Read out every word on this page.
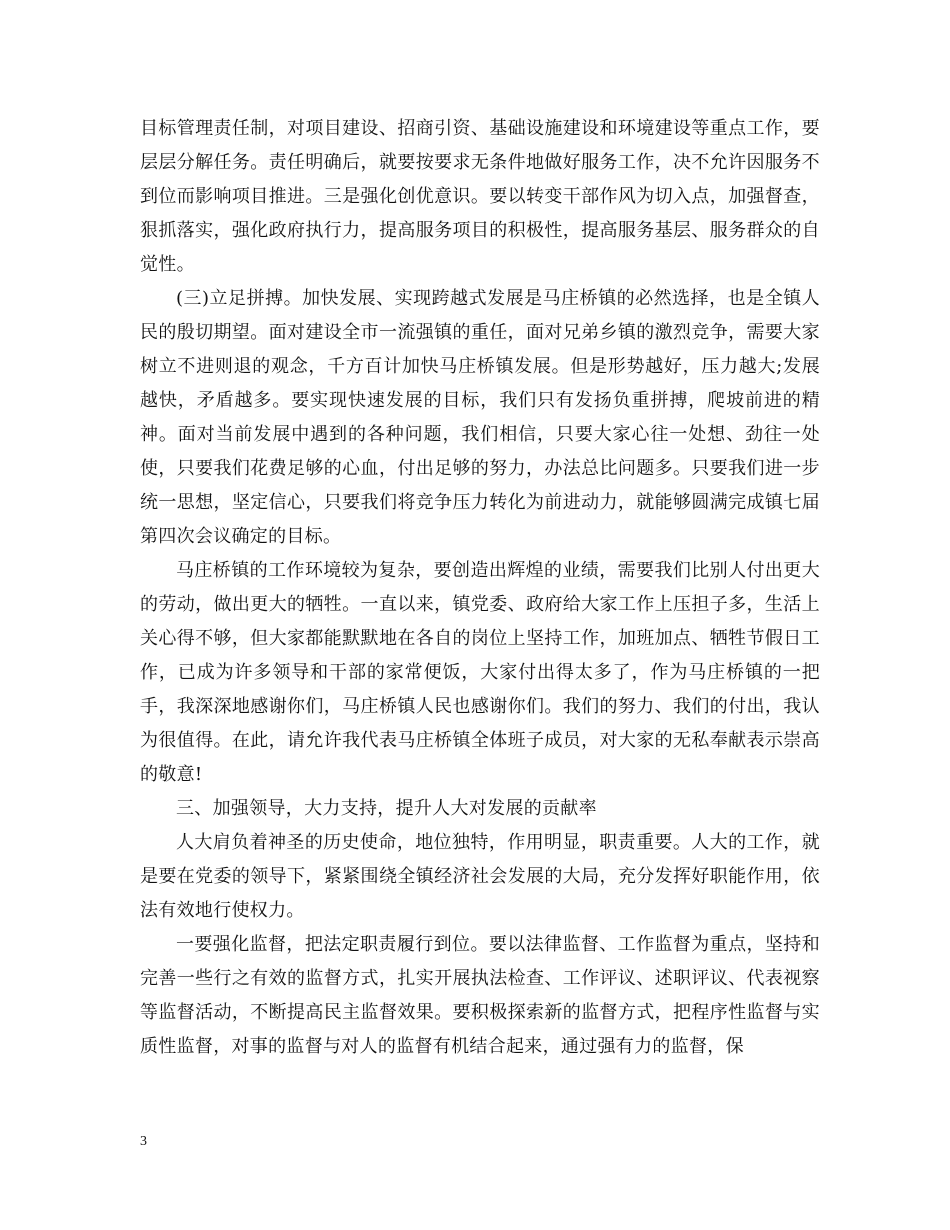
目标管理责任制，对项目建设、招商引资、基础设施建设和环境建设等重点工作，要层层分解任务。责任明确后，就要按要求无条件地做好服务工作，决不允许因服务不到位而影响项目推进。三是强化创优意识。要以转变干部作风为切入点，加强督查，狠抓落实，强化政府执行力，提高服务项目的积极性，提高服务基层、服务群众的自觉性。

(三)立足拼搏。加快发展、实现跨越式发展是马庄桥镇的必然选择，也是全镇人民的殷切期望。面对建设全市一流强镇的重任，面对兄弟乡镇的激烈竞争，需要大家树立不进则退的观念，千方百计加快马庄桥镇发展。但是形势越好，压力越大;发展越快，矛盾越多。要实现快速发展的目标，我们只有发扬负重拼搏，爬坡前进的精神。面对当前发展中遇到的各种问题，我们相信，只要大家心往一处想、劲往一处使，只要我们花费足够的心血，付出足够的努力，办法总比问题多。只要我们进一步统一思想，坚定信心，只要我们将竞争压力转化为前进动力，就能够圆满完成镇七届第四次会议确定的目标。

马庄桥镇的工作环境较为复杂，要创造出辉煌的业绩，需要我们比别人付出更大的劳动，做出更大的牺牲。一直以来，镇党委、政府给大家工作上压担子多，生活上关心得不够，但大家都能默默地在各自的岗位上坚持工作，加班加点、牺牲节假日工作，已成为许多领导和干部的家常便饭，大家付出得太多了，作为马庄桥镇的一把手，我深深地感谢你们，马庄桥镇人民也感谢你们。我们的努力、我们的付出，我认为很值得。在此，请允许我代表马庄桥镇全体班子成员，对大家的无私奉献表示崇高的敬意!

三、加强领导，大力支持，提升人大对发展的贡献率

人大肩负着神圣的历史使命，地位独特，作用明显，职责重要。人大的工作，就是要在党委的领导下，紧紧围绕全镇经济社会发展的大局，充分发挥好职能作用，依法有效地行使权力。

一要强化监督，把法定职责履行到位。要以法律监督、工作监督为重点，坚持和完善一些行之有效的监督方式，扎实开展执法检查、工作评议、述职评议、代表视察等监督活动，不断提高民主监督效果。要积极探索新的监督方式，把程序性监督与实质性监督，对事的监督与对人的监督有机结合起来，通过强有力的监督，保

3
